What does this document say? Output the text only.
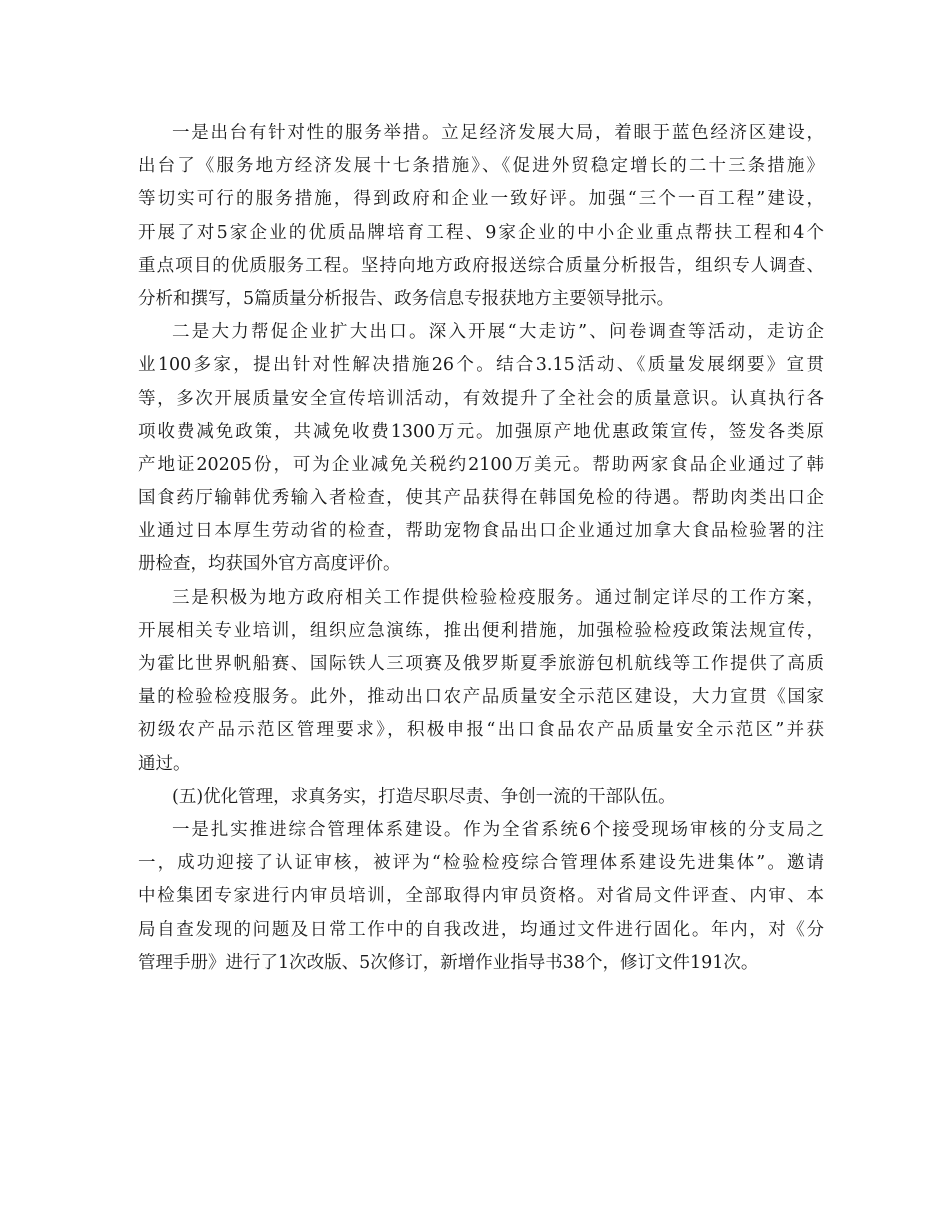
一是出台有针对性的服务举措。立足经济发展大局，着眼于蓝色经济区建设，
出台了《服务地方经济发展十七条措施》、《促进外贸稳定增长的二十三条措施》
等切实可行的服务措施，得到政府和企业一致好评。加强“三个一百工程”建设，
开展了对5家企业的优质品牌培育工程、9家企业的中小企业重点帮扶工程和4个
重点项目的优质服务工程。坚持向地方政府报送综合质量分析报告，组织专人调查、
分析和撰写，5篇质量分析报告、政务信息专报获地方主要领导批示。
二是大力帮促企业扩大出口。深入开展“大走访”、问卷调查等活动，走访企
业100多家，提出针对性解决措施26个。结合3.15活动、《质量发展纲要》宣贯
等，多次开展质量安全宣传培训活动，有效提升了全社会的质量意识。认真执行各
项收费减免政策，共减免收费1300万元。加强原产地优惠政策宣传，签发各类原
产地证20205份，可为企业减免关税约2100万美元。帮助两家食品企业通过了韩
国食药厅输韩优秀输入者检查，使其产品获得在韩国免检的待遇。帮助肉类出口企
业通过日本厚生劳动省的检查，帮助宠物食品出口企业通过加拿大食品检验署的注
册检查，均获国外官方高度评价。
三是积极为地方政府相关工作提供检验检疫服务。通过制定详尽的工作方案，
开展相关专业培训，组织应急演练，推出便利措施，加强检验检疫政策法规宣传，
为霍比世界帆船赛、国际铁人三项赛及俄罗斯夏季旅游包机航线等工作提供了高质
量的检验检疫服务。此外，推动出口农产品质量安全示范区建设，大力宣贯《国家
初级农产品示范区管理要求》，积极申报“出口食品农产品质量安全示范区”并获
通过。
(五)优化管理，求真务实，打造尽职尽责、争创一流的干部队伍。
一是扎实推进综合管理体系建设。作为全省系统6个接受现场审核的分支局之
一，成功迎接了认证审核，被评为“检验检疫综合管理体系建设先进集体”。邀请
中检集团专家进行内审员培训，全部取得内审员资格。对省局文件评查、内审、本
局自查发现的问题及日常工作中的自我改进，均通过文件进行固化。年内，对《分
管理手册》进行了1次改版、5次修订，新增作业指导书38个，修订文件191次。
